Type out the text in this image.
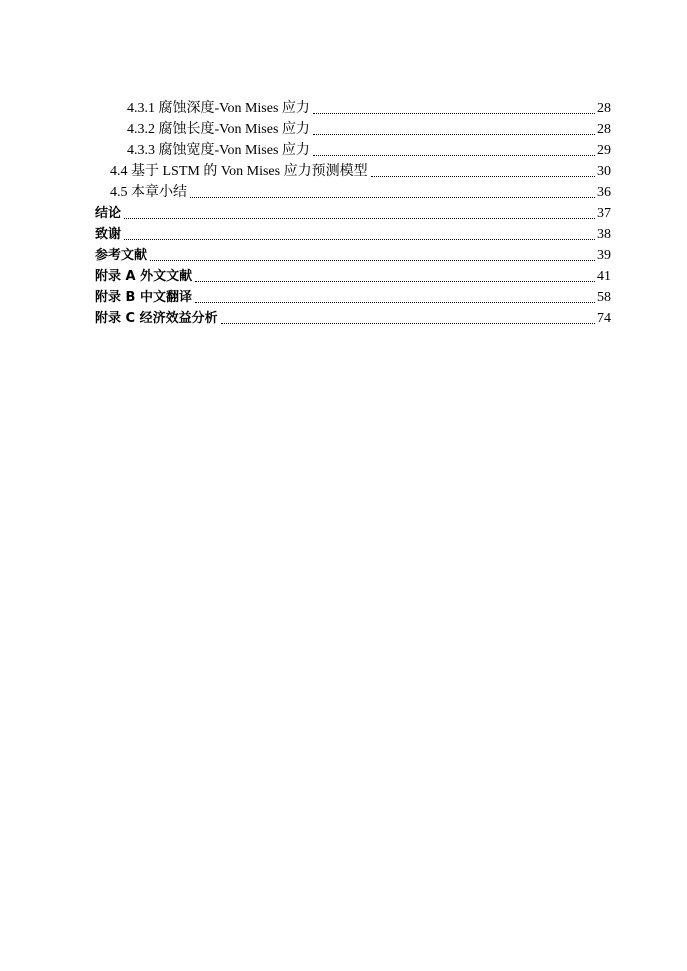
4.3.1 腐蚀深度-Von Mises 应力	28
4.3.2 腐蚀长度-Von Mises 应力	28
4.3.3 腐蚀宽度-Von Mises 应力	29
4.4 基于 LSTM 的 Von Mises 应力预测模型	30
4.5 本章小结	36
结论	37
致谢	38
参考文献	39
附录 A 外文文献	41
附录 B 中文翻译	58
附录 C 经济效益分析	74
